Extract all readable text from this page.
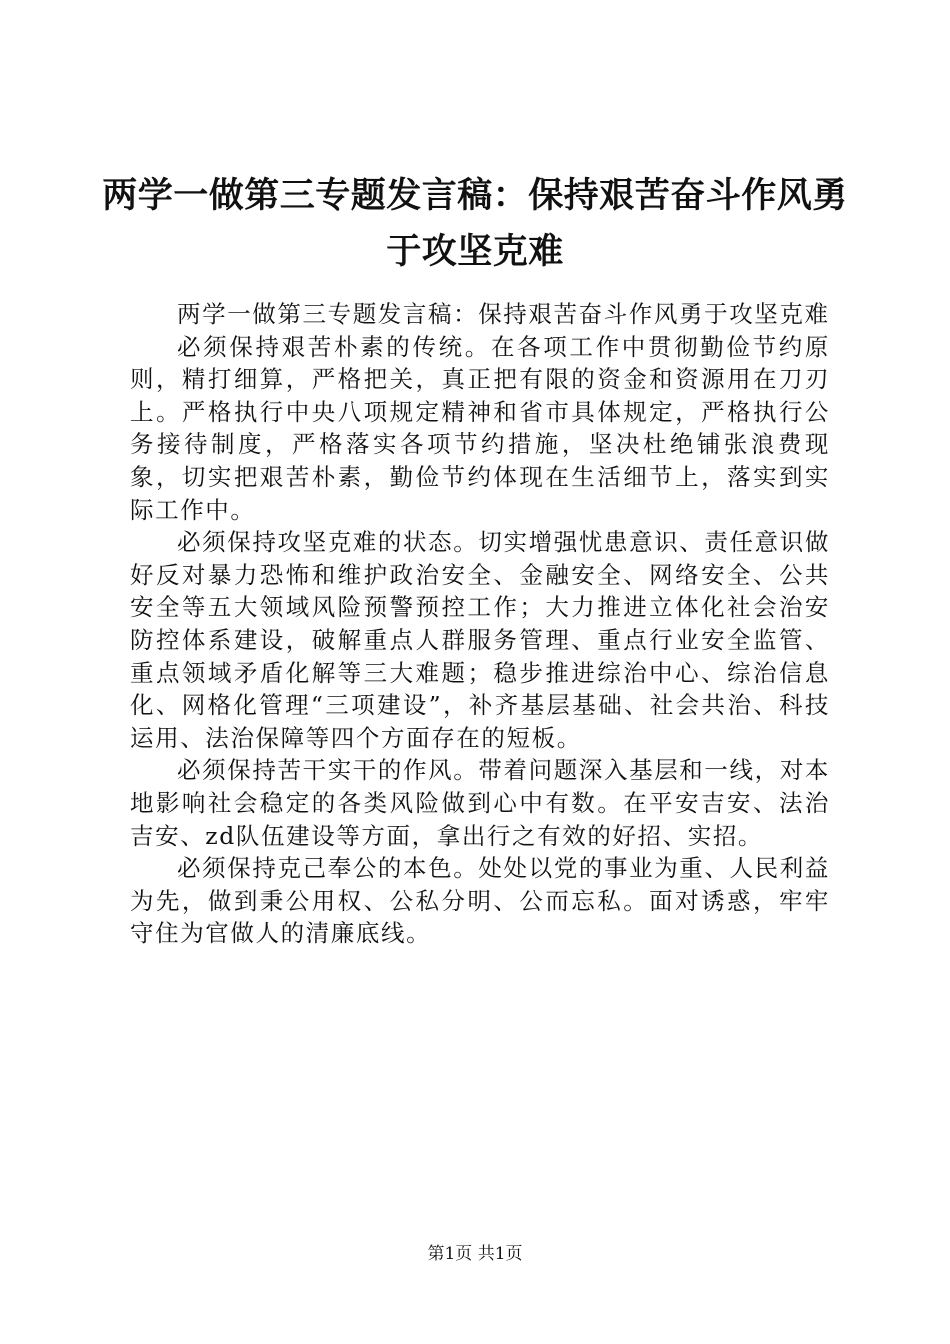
两学一做第三专题发言稿：保持艰苦奋斗作风勇于攻坚克难

两学一做第三专题发言稿：保持艰苦奋斗作风勇于攻坚克难

必须保持艰苦朴素的传统。在各项工作中贯彻勤俭节约原则，精打细算，严格把关，真正把有限的资金和资源用在刀刃上。严格执行中央八项规定精神和省市具体规定，严格执行公务接待制度，严格落实各项节约措施，坚决杜绝铺张浪费现象，切实把艰苦朴素，勤俭节约体现在生活细节上，落实到实际工作中。

必须保持攻坚克难的状态。切实增强忧患意识、责任意识做好反对暴力恐怖和维护政治安全、金融安全、网络安全、公共安全等五大领域风险预警预控工作；大力推进立体化社会治安防控体系建设，破解重点人群服务管理、重点行业安全监管、重点领域矛盾化解等三大难题；稳步推进综治中心、综治信息化、网格化管理“三项建设”，补齐基层基础、社会共治、科技运用、法治保障等四个方面存在的短板。

必须保持苦干实干的作风。带着问题深入基层和一线，对本地影响社会稳定的各类风险做到心中有数。在平安吉安、法治吉安、zd队伍建设等方面，拿出行之有效的好招、实招。

必须保持克己奉公的本色。处处以党的事业为重、人民利益为先，做到秉公用权、公私分明、公而忘私。面对诱惑，牢牢守住为官做人的清廉底线。

第1页 共1页
